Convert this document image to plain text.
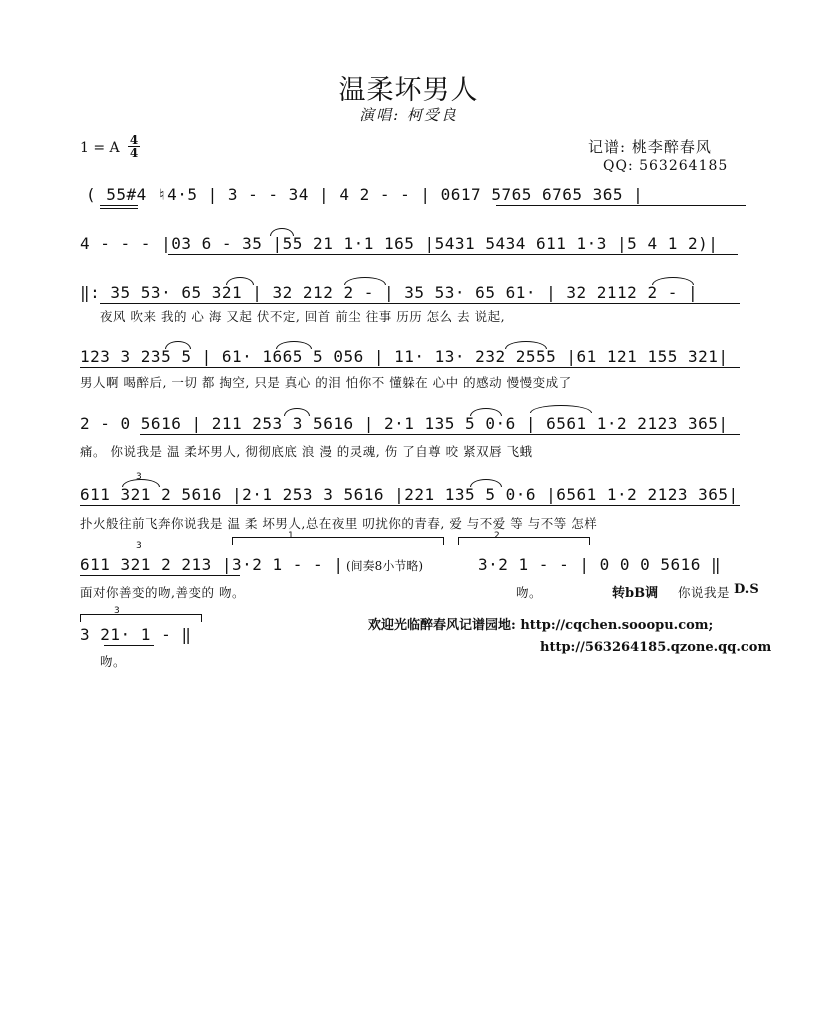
温柔坏男人
演唱: 柯受良
1 = A 4
4	记谱: 桃李醉春风
QQ: 563264185
( 55#4 ♮4·5 | 3 - - 34 | 4 2 - - | 0617 5765 6765 365 |
4 - - - |03 6 - 35 |55 21 1·1 165 |5431 5434 611 1·3 |5 4 1 2)|
‖: 35 53· 65 321 | 32 212 2 - | 35 53· 65 61· | 32 2112 2 - |
夜风 吹来 我的 心 海 又起 伏不定, 回首 前尘 往事 历历 怎么 去 说起,
123 3 235 5 | 61· 1665 5 056 | 11· 13· 232 2555 |61 121 155 321|
男人啊 喝醉后, 一切 都 掏空, 只是 真心 的泪 怕你不 懂躲在 心中 的感动 慢慢变成了
2 - 0 5616 | 211 253 3 5616 | 2·1 135 5 0·6 | 6561 1·2 2123 365|
痛。 你说我是 温 柔坏男人, 彻彻底底 浪 漫 的灵魂, 伤 了自尊 咬 紧双唇 飞蛾
3
611 321 2 5616 |2·1 253 3 5616 |221 135 5 0·6 |6561 1·2 2123 365|
扑火般往前飞奔你说我是 温 柔 坏男人,总在夜里 叨扰你的青春, 爱 与不爱 等 与不等 怎样
3
1	2
611 321 2 213 |3·2 1 - - | (间奏8小节略)	3·2 1 - - | 0 0 0 5616 ‖
面对你善变的吻,善变的 吻。	吻。	转bB调 你说我是 D.S
3
3 21· 1 - ‖
吻。
欢迎光临醉春风记谱园地: http://cqchen.sooopu.com;
http://563264185.qzone.qq.com
